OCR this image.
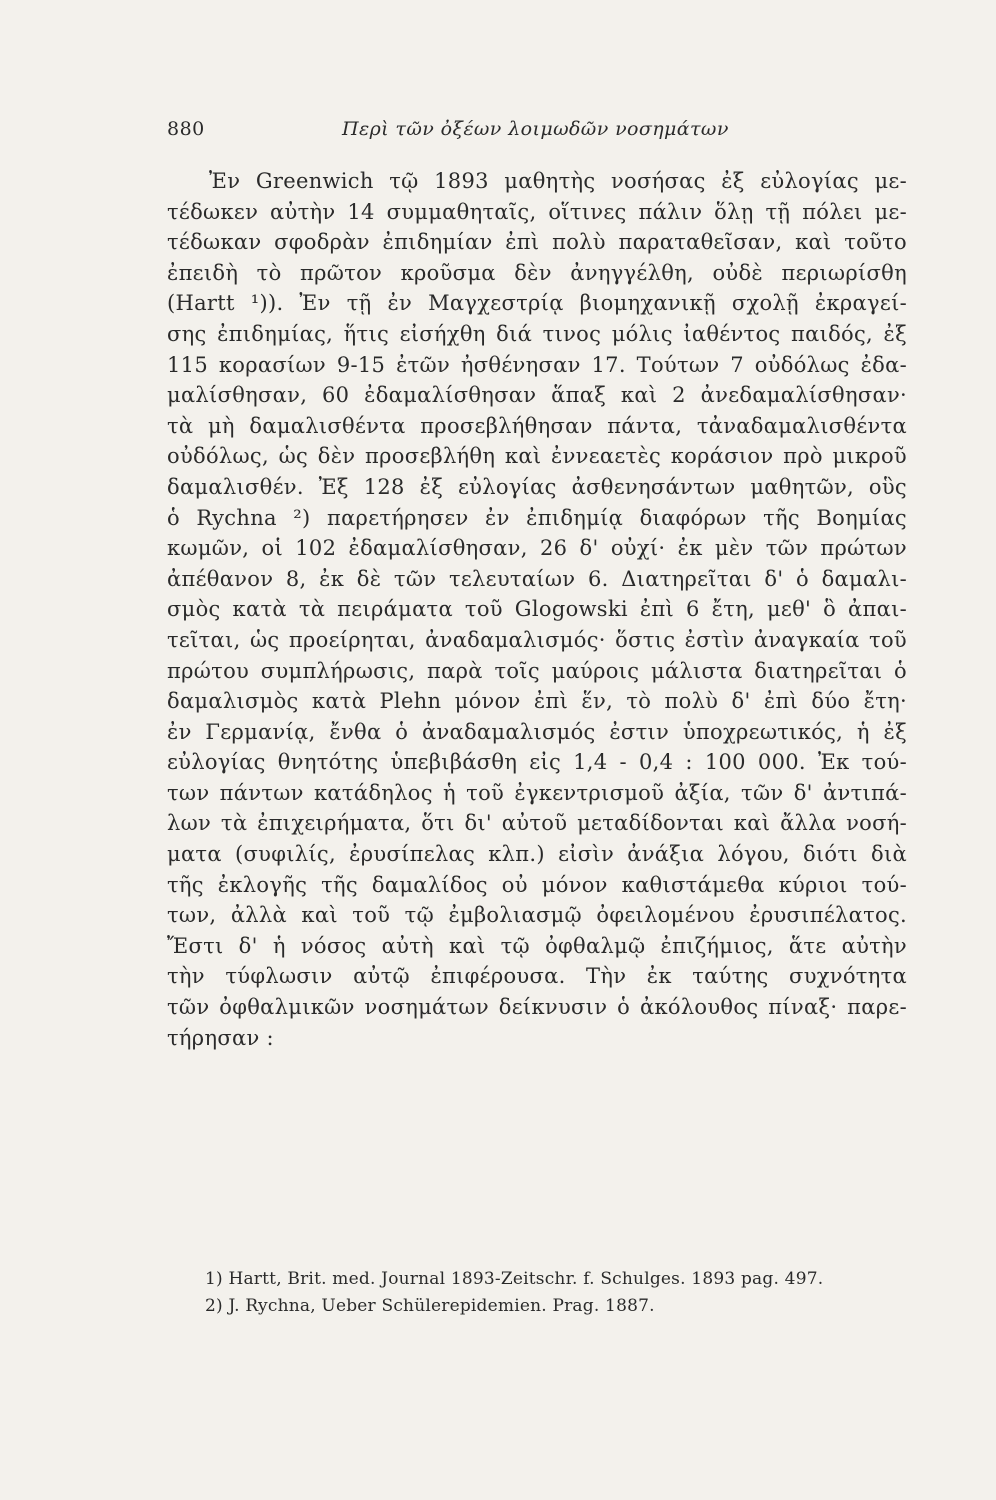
880	Περὶ τῶν ὀξέων λοιμωδῶν νοσημάτων
Ἐν Greenwich τῷ 1893 μαθητὴς νοσήσας ἐξ εὐλογίας με-
τέδωκεν αὐτὴν 14 συμμαθηταῖς, οἵτινες πάλιν ὅλῃ τῇ πόλει με-
τέδωκαν σφοδρὰν ἐπιδημίαν ἐπὶ πολὺ παραταθεῖσαν, καὶ τοῦτο
ἐπειδὴ τὸ πρῶτον κροῦσμα δὲν ἀνηγγέλθη, οὐδὲ περιωρίσθη
(Hartt ¹)). Ἐν τῇ ἐν Μαγχεστρίᾳ βιομηχανικῇ σχολῇ ἐκραγεί-
σης ἐπιδημίας, ἥτις εἰσήχθη διά τινος μόλις ἰαθέντος παιδός, ἐξ
115 κορασίων 9-15 ἐτῶν ἠσθένησαν 17. Τούτων 7 οὐδόλως ἐδα-
μαλίσθησαν, 60 ἐδαμαλίσθησαν ἅπαξ καὶ 2 ἀνεδαμαλίσθησαν·
τὰ μὴ δαμαλισθέντα προσεβλήθησαν πάντα, τἀναδαμαλισθέντα
οὐδόλως, ὡς δὲν προσεβλήθη καὶ ἐννεαετὲς κοράσιον πρὸ μικροῦ
δαμαλισθέν. Ἐξ 128 ἐξ εὐλογίας ἀσθενησάντων μαθητῶν, οὓς
ὁ Rychna ²) παρετήρησεν ἐν ἐπιδημίᾳ διαφόρων τῆς Βοημίας
κωμῶν, οἱ 102 ἐδαμαλίσθησαν, 26 δ' οὐχί· ἐκ μὲν τῶν πρώτων
ἀπέθανον 8, ἐκ δὲ τῶν τελευταίων 6. Διατηρεῖται δ' ὁ δαμαλι-
σμὸς κατὰ τὰ πειράματα τοῦ Glogowski ἐπὶ 6 ἔτη, μεθ' ὃ ἀπαι-
τεῖται, ὡς προείρηται, ἀναδαμαλισμός· ὅστις ἐστὶν ἀναγκαία τοῦ
πρώτου συμπλήρωσις, παρὰ τοῖς μαύροις μάλιστα διατηρεῖται ὁ
δαμαλισμὸς κατὰ Plehn μόνον ἐπὶ ἕν, τὸ πολὺ δ' ἐπὶ δύο ἔτη·
ἐν Γερμανίᾳ, ἔνθα ὁ ἀναδαμαλισμός ἐστιν ὑποχρεωτικός, ἡ ἐξ
εὐλογίας θνητότης ὑπεβιβάσθη εἰς 1,4 - 0,4 : 100 000. Ἐκ τού-
των πάντων κατάδηλος ἡ τοῦ ἐγκεντρισμοῦ ἀξία, τῶν δ' ἀντιπά-
λων τὰ ἐπιχειρήματα, ὅτι δι' αὐτοῦ μεταδίδονται καὶ ἄλλα νοσή-
ματα (συφιλίς, ἐρυσίπελας κλπ.) εἰσὶν ἀνάξια λόγου, διότι διὰ
τῆς ἐκλογῆς τῆς δαμαλίδος οὐ μόνον καθιστάμεθα κύριοι τού-
των, ἀλλὰ καὶ τοῦ τῷ ἐμβολιασμῷ ὀφειλομένου ἐρυσιπέλατος.
Ἔστι δ' ἡ νόσος αὐτὴ καὶ τῷ ὀφθαλμῷ ἐπιζήμιος, ἅτε αὐτὴν
τὴν τύφλωσιν αὐτῷ ἐπιφέρουσα. Τὴν ἐκ ταύτης συχνότητα
τῶν ὀφθαλμικῶν νοσημάτων δείκνυσιν ὁ ἀκόλουθος πίναξ· παρε-
τήρησαν :
1) Hartt, Brit. med. Journal 1893-Zeitschr. f. Schulges. 1893 pag. 497.
2) J. Rychna, Ueber Schülerepidemien. Prag. 1887.
